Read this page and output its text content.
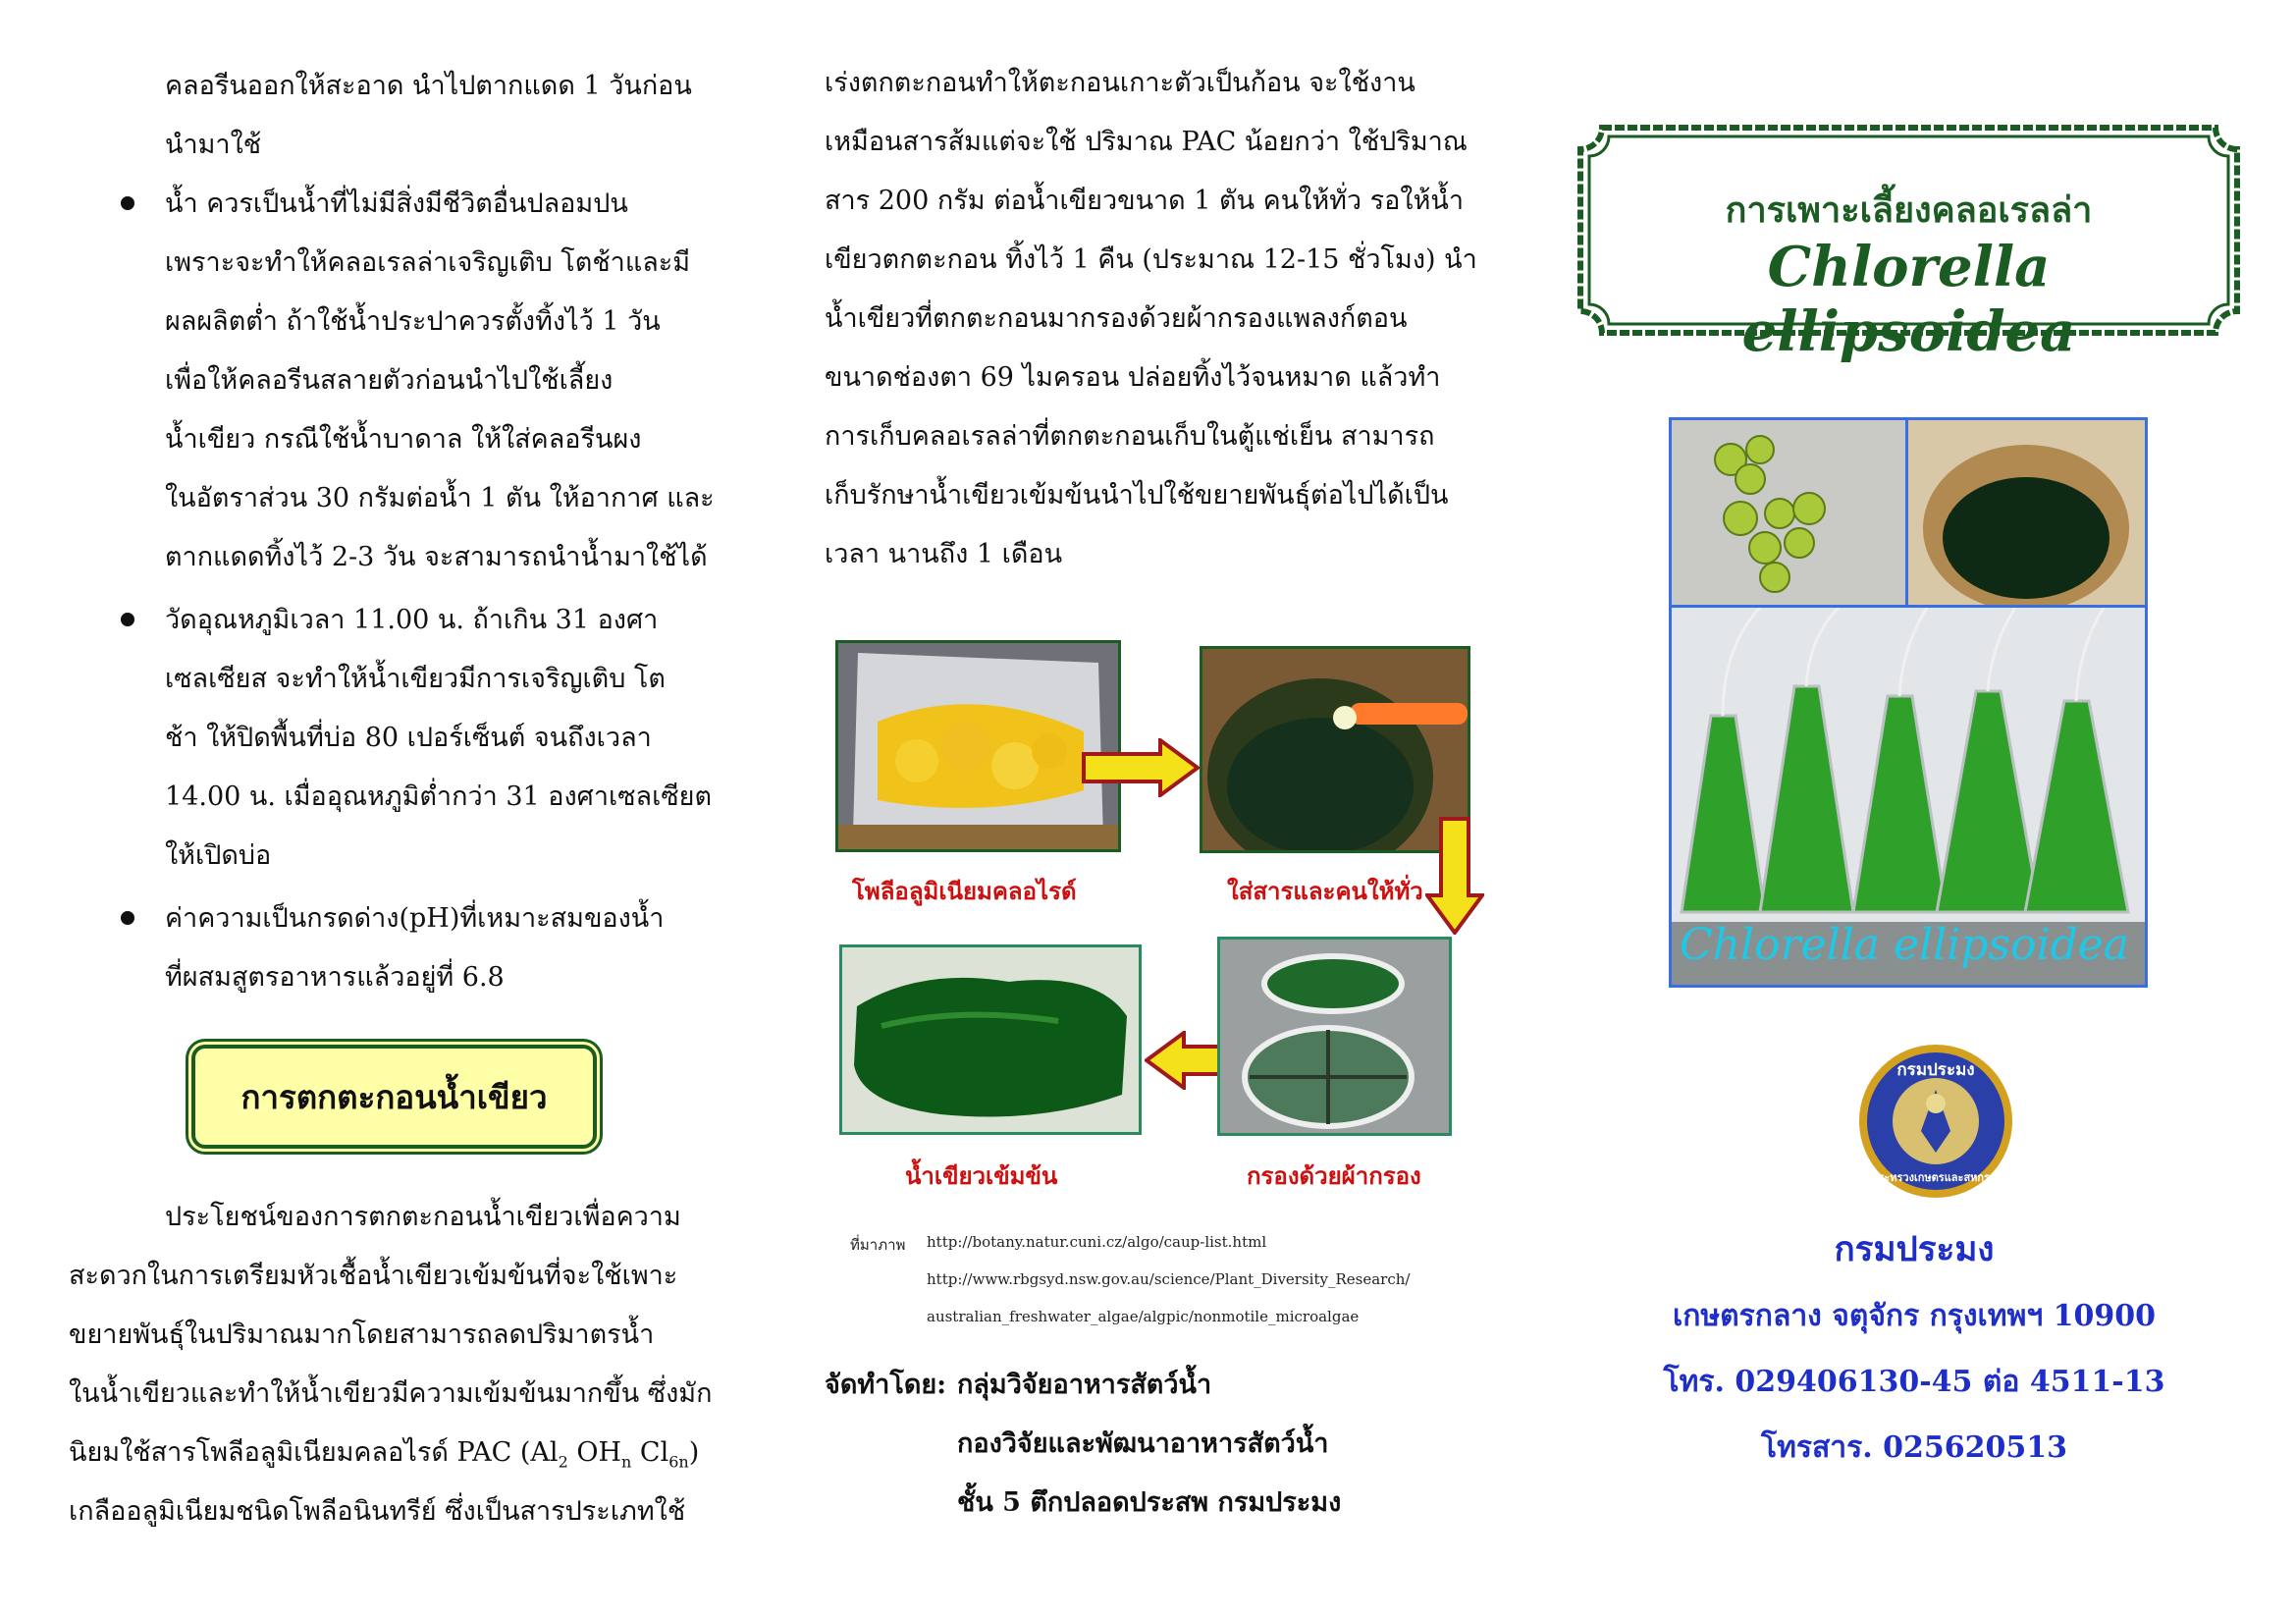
คลอรีนออกให้สะอาด นำไปตากแดด 1 วันก่อน
นำมาใช้
น้ำ ควรเป็นน้ำที่ไม่มีสิ่งมีชีวิตอื่นปลอมปน
เพราะจะทำให้คลอเรลล่าเจริญเติบ โตช้าและมี
ผลผลิตต่ำ ถ้าใช้น้ำประปาควรตั้งทิ้งไว้ 1 วัน
เพื่อให้คลอรีนสลายตัวก่อนนำไปใช้เลี้ยง
น้ำเขียว กรณีใช้น้ำบาดาล ให้ใส่คลอรีนผง
ในอัตราส่วน 30 กรัมต่อน้ำ 1 ตัน ให้อากาศ และ
ตากแดดทิ้งไว้ 2-3 วัน จะสามารถนำน้ำมาใช้ได้
วัดอุณหภูมิเวลา 11.00 น. ถ้าเกิน 31 องศา
เซลเซียส จะทำให้น้ำเขียวมีการเจริญเติบ โต
ช้า ให้ปิดพื้นที่บ่อ 80 เปอร์เซ็นต์ จนถึงเวลา
14.00 น. เมื่ออุณหภูมิต่ำกว่า 31 องศาเซลเซียต
ให้เปิดบ่อ
ค่าความเป็นกรดด่าง(pH)ที่เหมาะสมของน้ำ
ที่ผสมสูตรอาหารแล้วอยู่ที่ 6.8
การตกตะกอนน้ำเขียว
ประโยชน์ของการตกตะกอนน้ำเขียวเพื่อความ
สะดวกในการเตรียมหัวเชื้อน้ำเขียวเข้มข้นที่จะใช้เพาะ
ขยายพันธุ์ในปริมาณมากโดยสามารถลดปริมาตรน้ำ
ในน้ำเขียวและทำให้น้ำเขียวมีความเข้มข้นมากขึ้น ซึ่งมัก
นิยมใช้สารโพลีอลูมิเนียมคลอไรด์ PAC ($Al_2$ $OH_n$ $Cl_{6n}$)
เกลืออลูมิเนียมชนิดโพลีอนินทรีย์ ซึ่งเป็นสารประเภทใช้
เร่งตกตะกอนทำให้ตะกอนเกาะตัวเป็นก้อน จะใช้งาน
เหมือนสารส้มแต่จะใช้ ปริมาณ PAC น้อยกว่า ใช้ปริมาณ
สาร 200 กรัม ต่อน้ำเขียวขนาด 1 ตัน คนให้ทั่ว รอให้น้ำ
เขียวตกตะกอน ทิ้งไว้ 1 คืน (ประมาณ 12-15 ชั่วโมง) นำ
น้ำเขียวที่ตกตะกอนมากรองด้วยผ้ากรองแพลงก์ตอน
ขนาดช่องตา 69 ไมครอน ปล่อยทิ้งไว้จนหมาด แล้วทำ
การเก็บคลอเรลล่าที่ตกตะกอนเก็บในตู้แช่เย็น สามารถ
เก็บรักษาน้ำเขียวเข้มข้นนำไปใช้ขยายพันธุ์ต่อไปได้เป็น
เวลา นานถึง 1 เดือน
โพลีอลูมิเนียมคลอไรด์	ใส่สารและคนให้ทั่ว
น้ำเขียวเข้มข้น	กรองด้วยผ้ากรอง
ที่มาภาพ http://botany.natur.cuni.cz/algo/caup-list.html
http://www.rbgsyd.nsw.gov.au/science/Plant_Diversity_Research/
australian_freshwater_algae/algpic/nonmotile_microalgae
จัดทำโดย: กลุ่มวิจัยอาหารสัตว์น้ำ
กองวิจัยและพัฒนาอาหารสัตว์น้ำ
ชั้น 5 ตึกปลอดประสพ กรมประมง
การเพาะเลี้ยงคลอเรลล่า
Chlorella ellipsoidea
Chlorella ellipsoidea
กรมประมง
กระทรวงเกษตรและสหกรณ์
กรมประมง
เกษตรกลาง จตุจักร กรุงเทพฯ 10900
โทร. 029406130-45 ต่อ 4511-13
โทรสาร. 025620513
